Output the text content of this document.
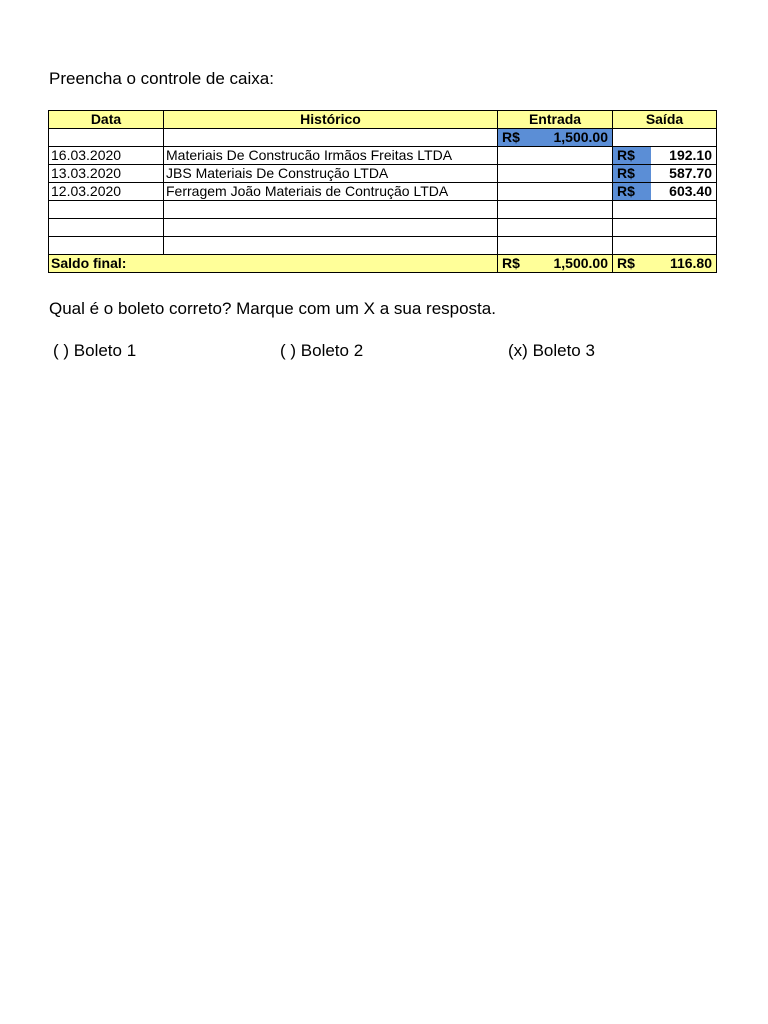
Preencha o controle de caixa:
Data	Histórico	Entrada	Saída

		R$ 1,500.00	

16.03.2020	Materiais De Construcão Irmãos Freitas LTDA		R$ 192.10

13.03.2020	JBS Materiais De Construção LTDA		R$ 587.70

12.03.2020	Ferragem João Materiais de Contrução LTDA		R$ 603.40

Saldo final:		R$ 1,500.00	R$ 116.80
Qual é o boleto correto? Marque com um X a sua resposta.
( ) Boleto 1	( ) Boleto 2	(x) Boleto 3
